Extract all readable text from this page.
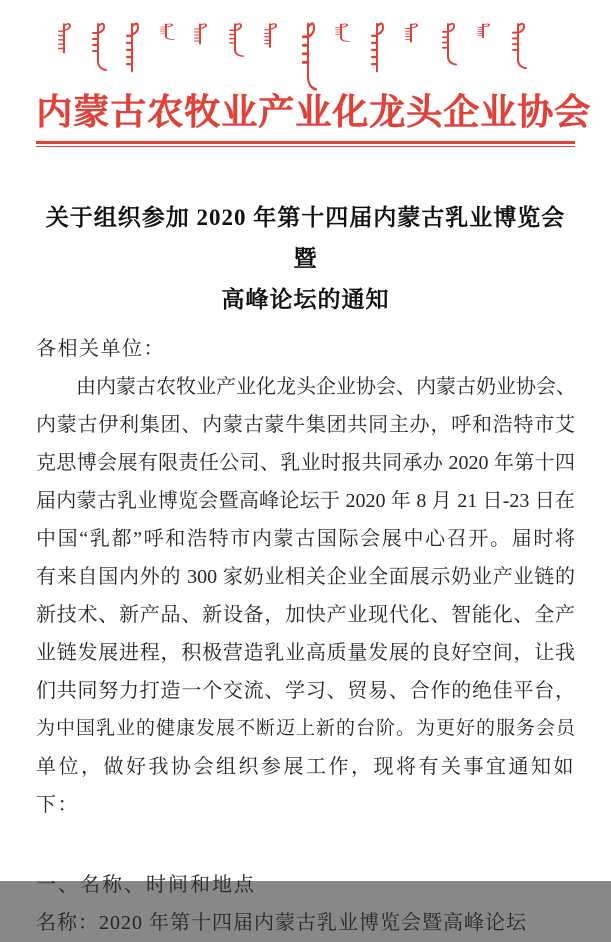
内蒙古农牧业产业化龙头企业协会
关于组织参加 2020 年第十四届内蒙古乳业博览会暨
高峰论坛的通知
各相关单位：
由内蒙古农牧业产业化龙头企业协会、内蒙古奶业协会、
内蒙古伊利集团、内蒙古蒙牛集团共同主办，呼和浩特市艾
克思博会展有限责任公司、乳业时报共同承办 2020 年第十四
届内蒙古乳业博览会暨高峰论坛于 2020 年 8 月 21 日-23 日在
中国“乳都”呼和浩特市内蒙古国际会展中心召开。届时将
有来自国内外的 300 家奶业相关企业全面展示奶业产业链的
新技术、新产品、新设备，加快产业现代化、智能化、全产
业链发展进程，积极营造乳业高质量发展的良好空间，让我
们共同努力打造一个交流、学习、贸易、合作的绝佳平台，
为中国乳业的健康发展不断迈上新的台阶。为更好的服务会员
单位，做好我协会组织参展工作，现将有关事宜通知如下：
一、名称、时间和地点
名称：2020 年第十四届内蒙古乳业博览会暨高峰论坛
